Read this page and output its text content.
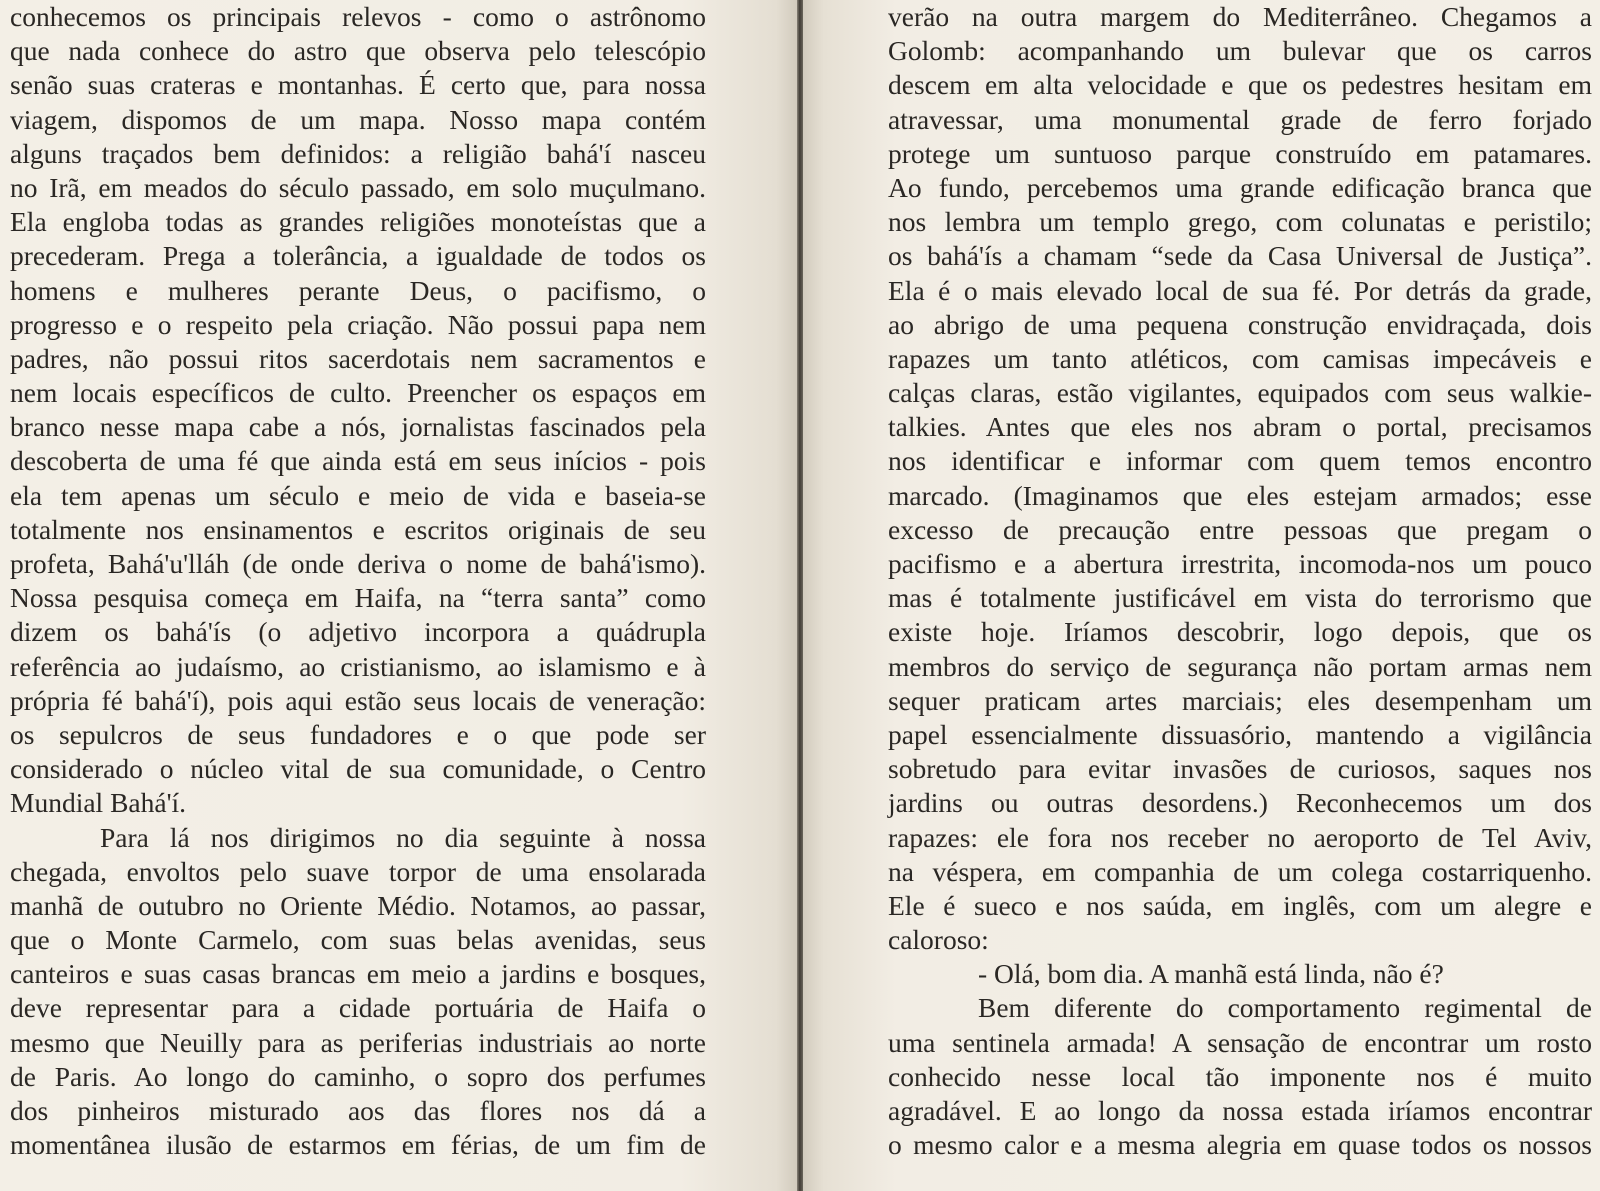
conhecemos os principais relevos - como o astrônomo
que nada conhece do astro que observa pelo telescópio
senão suas crateras e montanhas. É certo que, para nossa
viagem, dispomos de um mapa. Nosso mapa contém
alguns traçados bem definidos: a religião bahá'í nasceu
no Irã, em meados do século passado, em solo muçulmano.
Ela engloba todas as grandes religiões monoteístas que a
precederam. Prega a tolerância, a igualdade de todos os
homens e mulheres perante Deus, o pacifismo, o
progresso e o respeito pela criação. Não possui papa nem
padres, não possui ritos sacerdotais nem sacramentos e
nem locais específicos de culto. Preencher os espaços em
branco nesse mapa cabe a nós, jornalistas fascinados pela
descoberta de uma fé que ainda está em seus inícios - pois
ela tem apenas um século e meio de vida e baseia-se
totalmente nos ensinamentos e escritos originais de seu
profeta, Bahá'u'lláh (de onde deriva o nome de bahá'ismo).
Nossa pesquisa começa em Haifa, na “terra santa” como
dizem os bahá'ís (o adjetivo incorpora a quádrupla
referência ao judaísmo, ao cristianismo, ao islamismo e à
própria fé bahá'í), pois aqui estão seus locais de veneração:
os sepulcros de seus fundadores e o que pode ser
considerado o núcleo vital de sua comunidade, o Centro
Mundial Bahá'í.
Para lá nos dirigimos no dia seguinte à nossa
chegada, envoltos pelo suave torpor de uma ensolarada
manhã de outubro no Oriente Médio. Notamos, ao passar,
que o Monte Carmelo, com suas belas avenidas, seus
canteiros e suas casas brancas em meio a jardins e bosques,
deve representar para a cidade portuária de Haifa o
mesmo que Neuilly para as periferias industriais ao norte
de Paris. Ao longo do caminho, o sopro dos perfumes
dos pinheiros misturado aos das flores nos dá a
momentânea ilusão de estarmos em férias, de um fim de
verão na outra margem do Mediterrâneo. Chegamos a
Golomb: acompanhando um bulevar que os carros
descem em alta velocidade e que os pedestres hesitam em
atravessar, uma monumental grade de ferro forjado
protege um suntuoso parque construído em patamares.
Ao fundo, percebemos uma grande edificação branca que
nos lembra um templo grego, com colunatas e peristilo;
os bahá'ís a chamam “sede da Casa Universal de Justiça”.
Ela é o mais elevado local de sua fé. Por detrás da grade,
ao abrigo de uma pequena construção envidraçada, dois
rapazes um tanto atléticos, com camisas impecáveis e
calças claras, estão vigilantes, equipados com seus walkie-
talkies. Antes que eles nos abram o portal, precisamos
nos identificar e informar com quem temos encontro
marcado. (Imaginamos que eles estejam armados; esse
excesso de precaução entre pessoas que pregam o
pacifismo e a abertura irrestrita, incomoda-nos um pouco
mas é totalmente justificável em vista do terrorismo que
existe hoje. Iríamos descobrir, logo depois, que os
membros do serviço de segurança não portam armas nem
sequer praticam artes marciais; eles desempenham um
papel essencialmente dissuasório, mantendo a vigilância
sobretudo para evitar invasões de curiosos, saques nos
jardins ou outras desordens.) Reconhecemos um dos
rapazes: ele fora nos receber no aeroporto de Tel Aviv,
na véspera, em companhia de um colega costarriquenho.
Ele é sueco e nos saúda, em inglês, com um alegre e
caloroso:
- Olá, bom dia. A manhã está linda, não é?
Bem diferente do comportamento regimental de
uma sentinela armada! A sensação de encontrar um rosto
conhecido nesse local tão imponente nos é muito
agradável. E ao longo da nossa estada iríamos encontrar
o mesmo calor e a mesma alegria em quase todos os nossos
